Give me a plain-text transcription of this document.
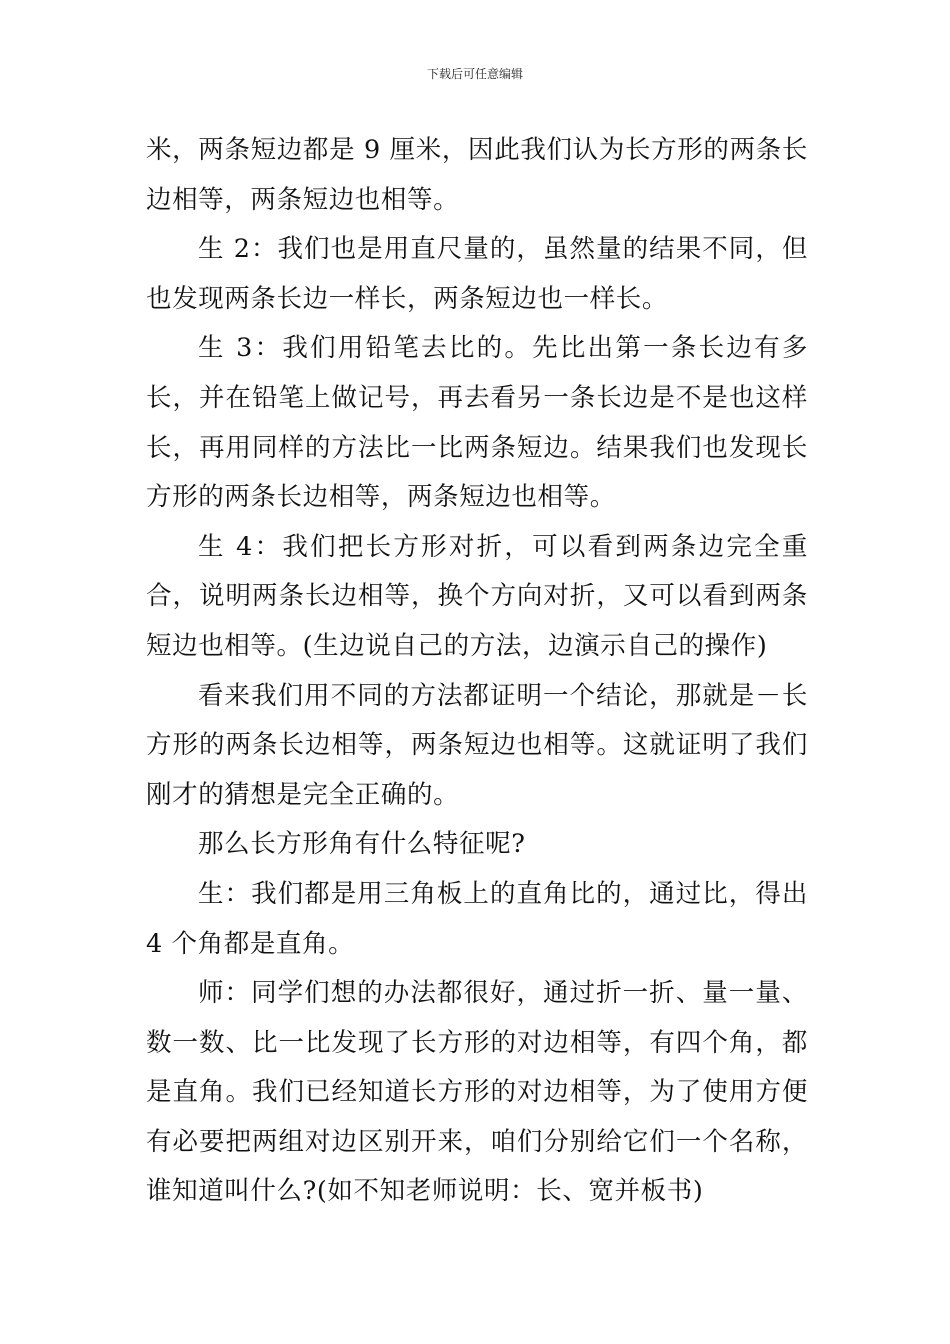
下载后可任意编辑

米，两条短边都是 9 厘米，因此我们认为长方形的两条长边相等，两条短边也相等。

生 2：我们也是用直尺量的，虽然量的结果不同，但也发现两条长边一样长，两条短边也一样长。

生 3：我们用铅笔去比的。先比出第一条长边有多长，并在铅笔上做记号，再去看另一条长边是不是也这样长，再用同样的方法比一比两条短边。结果我们也发现长方形的两条长边相等，两条短边也相等。

生 4：我们把长方形对折，可以看到两条边完全重合，说明两条长边相等，换个方向对折，又可以看到两条短边也相等。(生边说自己的方法，边演示自己的操作)

看来我们用不同的方法都证明一个结论，那就是－长方形的两条长边相等，两条短边也相等。这就证明了我们刚才的猜想是完全正确的。

那么长方形角有什么特征呢?

生：我们都是用三角板上的直角比的，通过比，得出 4 个角都是直角。

师：同学们想的办法都很好，通过折一折、量一量、数一数、比一比发现了长方形的对边相等，有四个角，都是直角。我们已经知道长方形的对边相等，为了使用方便有必要把两组对边区别开来，咱们分别给它们一个名称，谁知道叫什么?(如不知老师说明：长、宽并板书)
